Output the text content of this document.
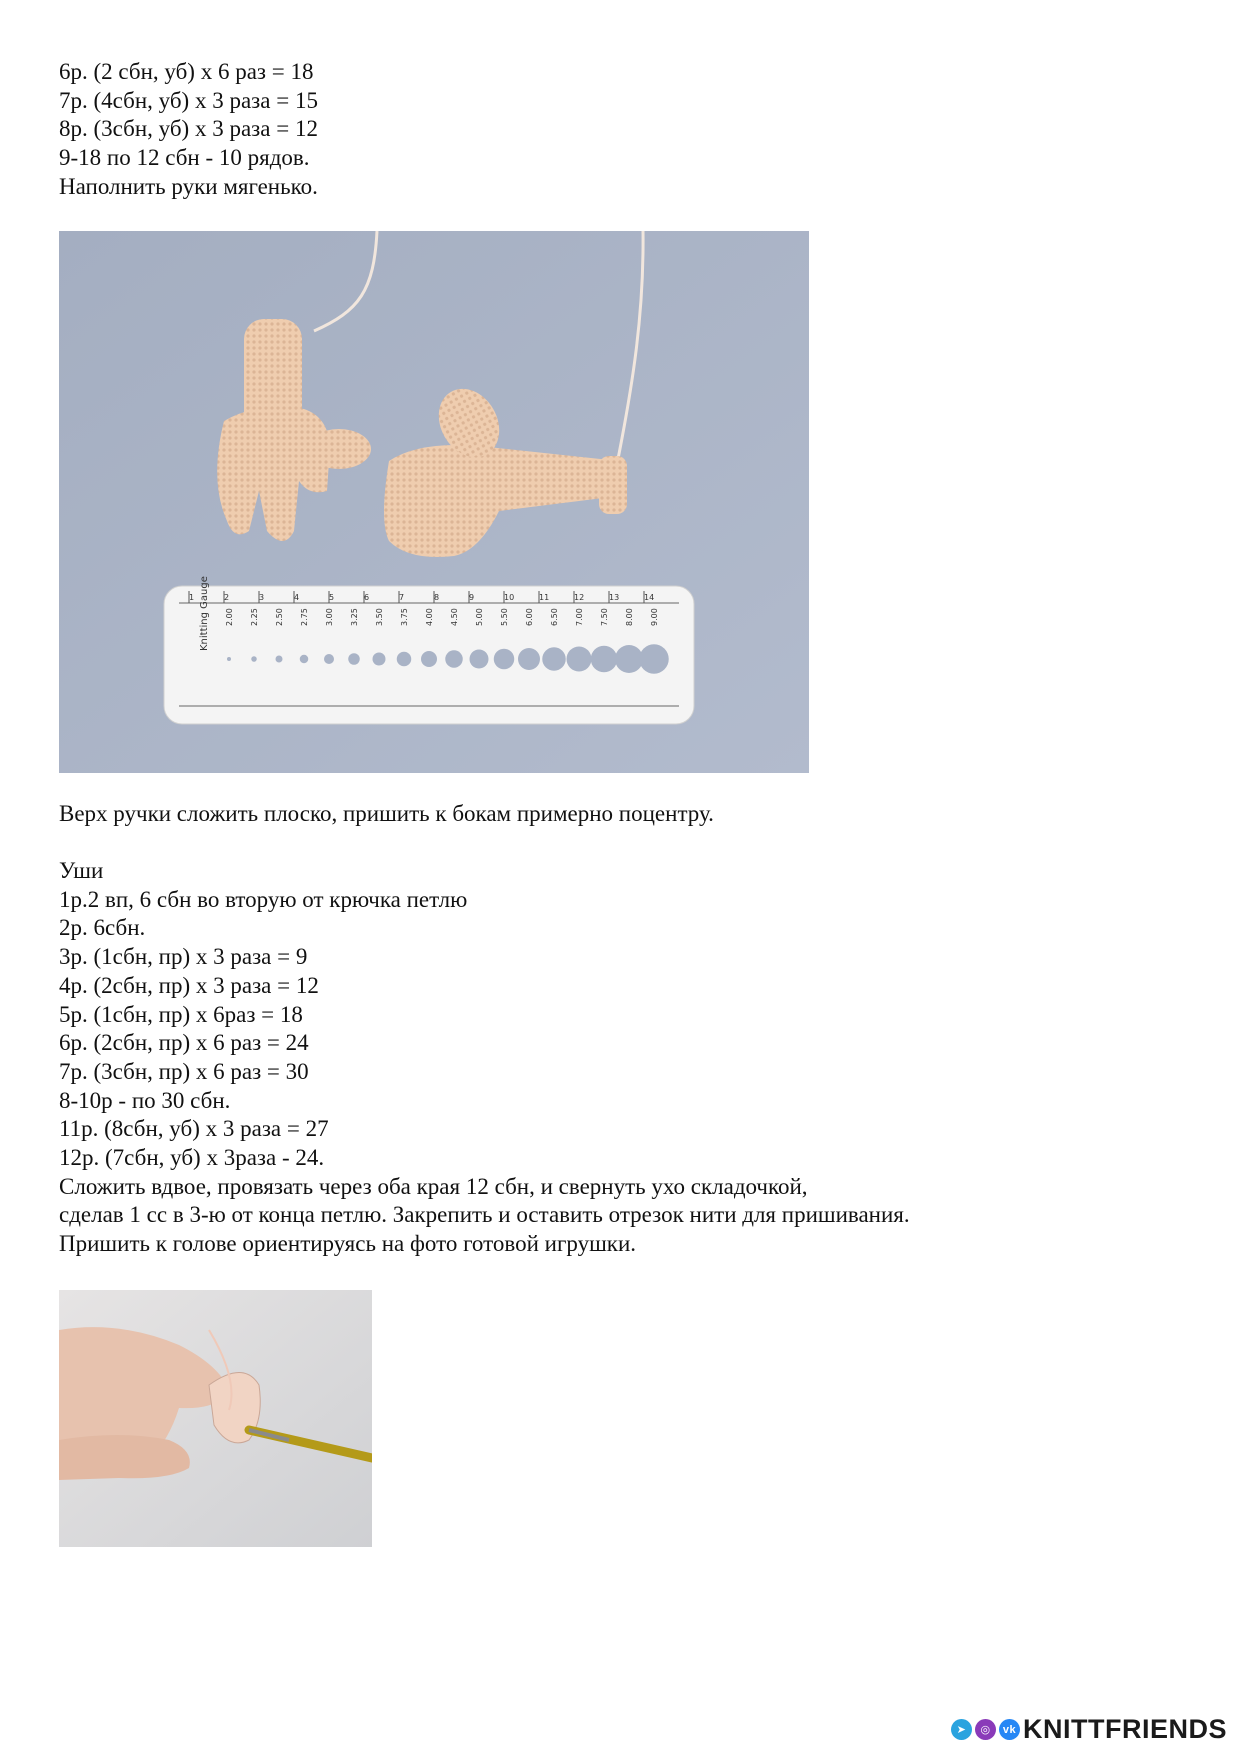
6р. (2 сбн, уб) х 6 раз = 18

7р. (4сбн, уб) х 3 раза = 15

8р. (3сбн, уб) х 3 раза = 12

9-18 по 12 сбн - 10 рядов.

Наполнить руки мягенько.

Knitting Gauge 2.00 2.25 2.50 2.75 3.00 3.25 3.50 3.75 4.00 4.50 5.00 5.50 6.00 6.50 7.00 7.50 8.00 9.00
1	2	3	4	5	6	7	8	9	10	11	12	13	14

Верх ручки сложить плоско, пришить к бокам примерно поцентру.

Уши

1р.2 вп, 6 сбн во вторую от крючка петлю

2р. 6сбн.

3р. (1сбн, пр) х 3 раза = 9

4р. (2сбн, пр) х 3 раза = 12

5р. (1сбн, пр) х 6раз = 18

6р. (2сбн, пр) х 6 раз = 24

7р. (3сбн, пр) х 6 раз = 30

8-10р - по 30 сбн.

11р. (8сбн, уб) х 3 раза = 27

12р. (7сбн, уб) х 3раза - 24.

Сложить вдвое, провязать через оба края 12 сбн, и свернуть ухо складочкой,

сделав 1 сс в 3-ю от конца петлю. Закрепить и оставить отрезок нити для пришивания.

Пришить к голове ориентируясь на фото готовой игрушки.

➤	◎	vk KNITTFRIENDS
